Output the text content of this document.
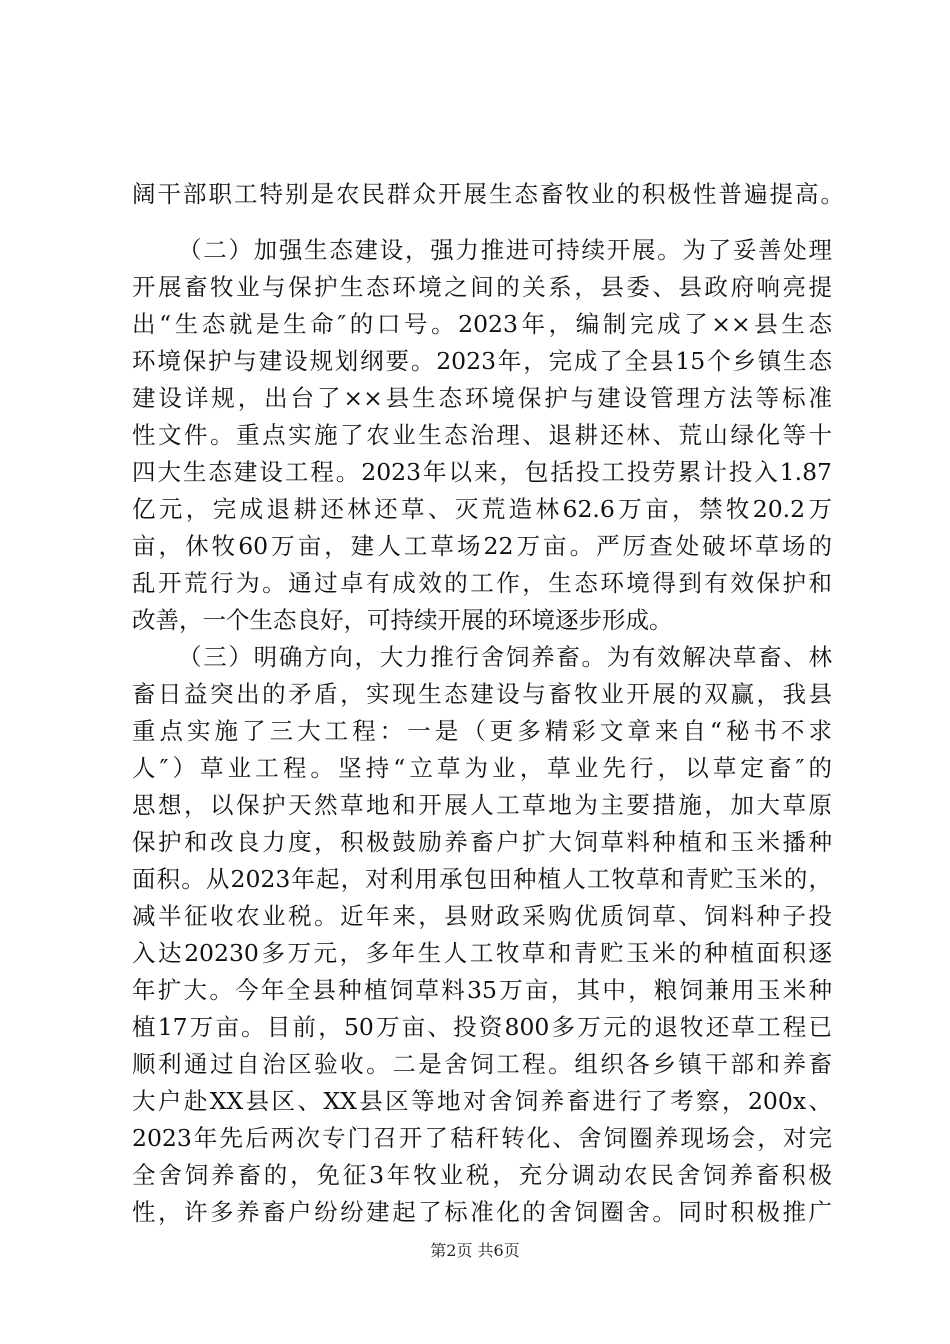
阔干部职工特别是农民群众开展生态畜牧业的积极性普遍提高。
（二）加强生态建设，强力推进可持续开展。为了妥善处理
开展畜牧业与保护生态环境之间的关系，县委、县政府响亮提
出“生态就是生命″的口号。2023年，编制完成了××县生态
环境保护与建设规划纲要。2023年，完成了全县15个乡镇生态
建设详规，出台了××县生态环境保护与建设管理方法等标准
性文件。重点实施了农业生态治理、退耕还林、荒山绿化等十
四大生态建设工程。2023年以来，包括投工投劳累计投入1.87
亿元，完成退耕还林还草、灭荒造林62.6万亩，禁牧20.2万
亩，休牧60万亩，建人工草场22万亩。严厉查处破坏草场的
乱开荒行为。通过卓有成效的工作，生态环境得到有效保护和
改善，一个生态良好，可持续开展的环境逐步形成。
（三）明确方向，大力推行舍饲养畜。为有效解决草畜、林
畜日益突出的矛盾，实现生态建设与畜牧业开展的双赢，我县
重点实施了三大工程：一是（更多精彩文章来自“秘书不求
人″）草业工程。坚持“立草为业，草业先行，以草定畜″的
思想，以保护天然草地和开展人工草地为主要措施，加大草原
保护和改良力度，积极鼓励养畜户扩大饲草料种植和玉米播种
面积。从2023年起，对利用承包田种植人工牧草和青贮玉米的，
减半征收农业税。近年来，县财政采购优质饲草、饲料种子投
入达20230多万元，多年生人工牧草和青贮玉米的种植面积逐
年扩大。今年全县种植饲草料35万亩，其中，粮饲兼用玉米种
植17万亩。目前，50万亩、投资800多万元的退牧还草工程已
顺利通过自治区验收。二是舍饲工程。组织各乡镇干部和养畜
大户赴XX县区、XX县区等地对舍饲养畜进行了考察，200x、
2023年先后两次专门召开了秸秆转化、舍饲圈养现场会，对完
全舍饲养畜的，免征3年牧业税，充分调动农民舍饲养畜积极
性，许多养畜户纷纷建起了标准化的舍饲圈舍。同时积极推广
第2页 共6页
